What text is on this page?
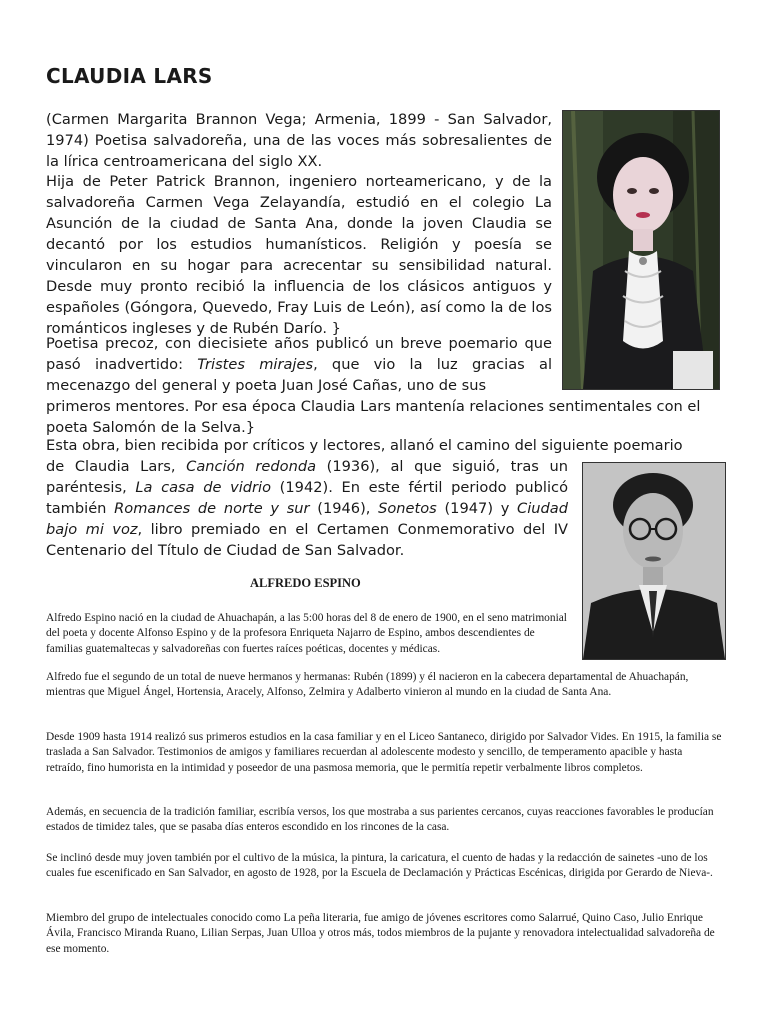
CLAUDIA LARS

(Carmen Margarita Brannon Vega; Armenia, 1899 - San Salvador, 1974) Poetisa salvadoreña, una de las voces más sobresalientes de la lírica centroamericana del siglo XX.

Hija de Peter Patrick Brannon, ingeniero norteamericano, y de la salvadoreña Carmen Vega Zelayandía, estudió en el colegio La Asunción de la ciudad de Santa Ana, donde la joven Claudia se decantó por los estudios humanísticos. Religión y poesía se vincularon en su hogar para acrecentar su sensibilidad natural. Desde muy pronto recibió la influencia de los clásicos antiguos y españoles (Góngora, Quevedo, Fray Luis de León), así como la de los románticos ingleses y de Rubén Darío. }

Poetisa precoz, con diecisiete años publicó un breve poemario que pasó inadvertido: Tristes mirajes, que vio la luz gracias al mecenazgo del general y poeta Juan José Cañas, uno de sus

primeros mentores. Por esa época Claudia Lars mantenía relaciones sentimentales con el poeta Salomón de la Selva.}

Esta obra, bien recibida por críticos y lectores, allanó el camino del siguiente poemario

de Claudia Lars, Canción redonda (1936), al que siguió, tras un paréntesis, La casa de vidrio (1942). En este fértil periodo publicó también Romances de norte y sur (1946), Sonetos (1947) y Ciudad bajo mi voz, libro premiado en el Certamen Conmemorativo del IV Centenario del Título de Ciudad de San Salvador.

ALFREDO ESPINO

Alfredo Espino nació en la ciudad de Ahuachapán, a las 5:00 horas del 8 de enero de 1900, en el seno matrimonial del poeta y docente Alfonso Espino y de la profesora Enriqueta Najarro de Espino, ambos descendientes de familias guatemaltecas y salvadoreñas con fuertes raíces poéticas, docentes y médicas.

Alfredo fue el segundo de un total de nueve hermanos y hermanas: Rubén (1899) y él nacieron en la cabecera departamental de Ahuachapán, mientras que Miguel Ángel, Hortensia, Aracely, Alfonso, Zelmira y Adalberto vinieron al mundo en la ciudad de Santa Ana.

Desde 1909 hasta 1914 realizó sus primeros estudios en la casa familiar y en el Liceo Santaneco, dirigido por Salvador Vides. En 1915, la familia se traslada a San Salvador. Testimonios de amigos y familiares recuerdan al adolescente modesto y sencillo, de temperamento apacible y hasta retraído, fino humorista en la intimidad y poseedor de una pasmosa memoria, que le permitía repetir verbalmente libros completos.

Además, en secuencia de la tradición familiar, escribía versos, los que mostraba a sus parientes cercanos, cuyas reacciones favorables le producían estados de timidez tales, que se pasaba días enteros escondido en los rincones de la casa.

Se inclinó desde muy joven también por el cultivo de la música, la pintura, la caricatura, el cuento de hadas y la redacción de sainetes -uno de los cuales fue escenificado en San Salvador, en agosto de 1928, por la Escuela de Declamación y Prácticas Escénicas, dirigida por Gerardo de Nieva-.

Miembro del grupo de intelectuales conocido como La peña literaria, fue amigo de jóvenes escritores como Salarrué, Quino Caso, Julio Enrique Ávila, Francisco Miranda Ruano, Lilian Serpas, Juan Ulloa y otros más, todos miembros de la pujante y renovadora intelectualidad salvadoreña de ese momento.
